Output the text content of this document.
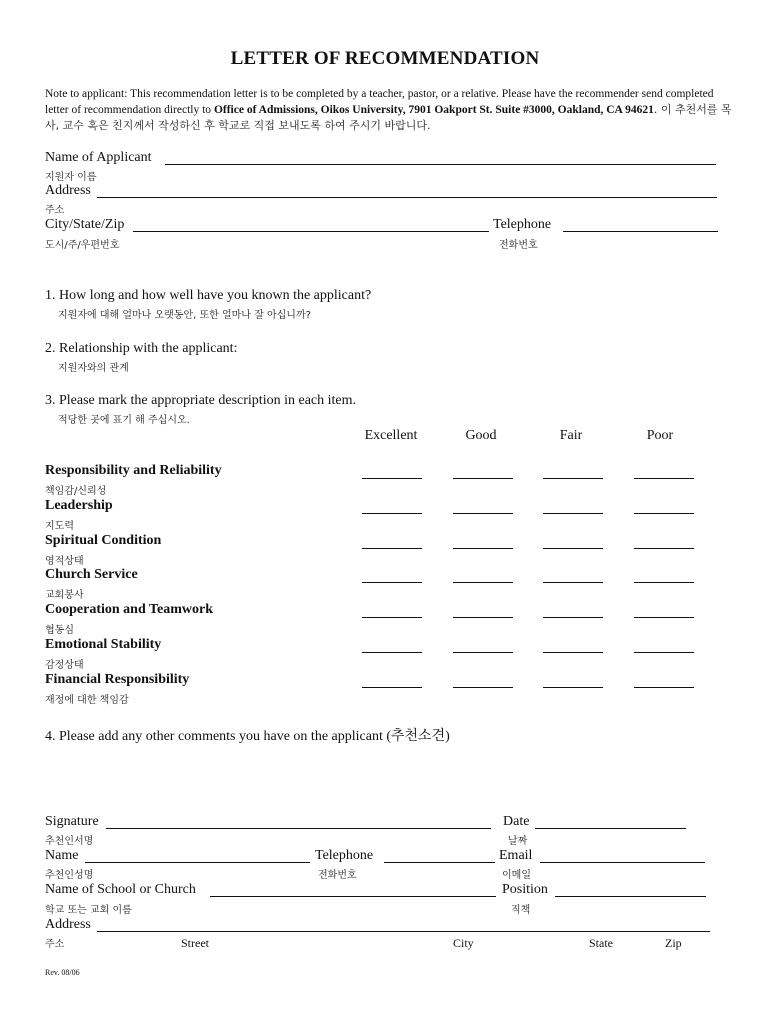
LETTER OF RECOMMENDATION
Note to applicant: This recommendation letter is to be completed by a teacher, pastor, or a relative. Please have the recommender send completed letter of recommendation directly to Office of Admissions, Oikos University, 7901 Oakport St. Suite #3000, Oakland, CA 94621. 이 추천서를 목사, 교수 혹은 친지께서 작성하신 후 학교로 직접 보내도록 하여 주시기 바랍니다.
Name of Applicant
지원자 이름
Address
주소
City/State/Zip
도시/주/우편번호
Telephone
전화번호
1. How long and how well have you known the applicant?
지원자에 대해 얼마나 오랫동안, 또한 얼마나 잘 아십니까?
2. Relationship with the applicant:
지원자와의 관계
3. Please mark the appropriate description in each item.
적당한 곳에 표기 해 주십시오.
Excellent	Good	Fair	Poor
Responsibility and Reliability
책임감/신뢰성
Leadership
지도력
Spiritual Condition
영적상태
Church Service
교회봉사
Cooperation and Teamwork
협동심
Emotional Stability
감정상태
Financial Responsibility
재정에 대한 책임감
4. Please add any other comments you have on the applicant (추천소견)
Signature
추천인서명
Date
날짜
Name
추천인성명
Telephone
전화번호
Email
이메일
Name of School or Church
학교 또는 교회 이름
Position
직책
Address
주소	Street	City	State	Zip
Rev. 08/06
